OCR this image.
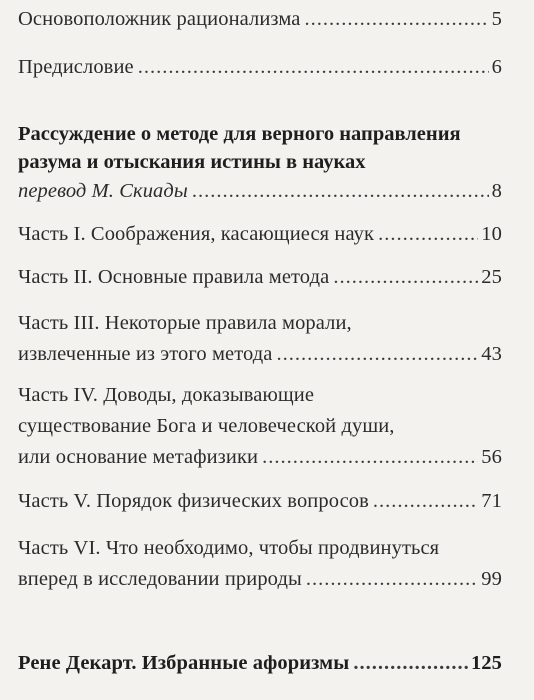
Основоположник рационализма .....	5
Предисловие .....	6
Рассуждение о методе для верного направления
разума и отыскания истины в науках
перевод М. Скиады .....	8
Часть I. Соображения, касающиеся наук .....	10
Часть II. Основные правила метода .....	25
Часть III. Некоторые правила морали,
извлеченные из этого метода .....	43
Часть IV. Доводы, доказывающие
существование Бога и человеческой души,
или основание метафизики .....	56
Часть V. Порядок физических вопросов .....	71
Часть VI. Что необходимо, чтобы продвинуться
вперед в исследовании природы .....	99
Рене Декарт. Избранные афоризмы .....	125
